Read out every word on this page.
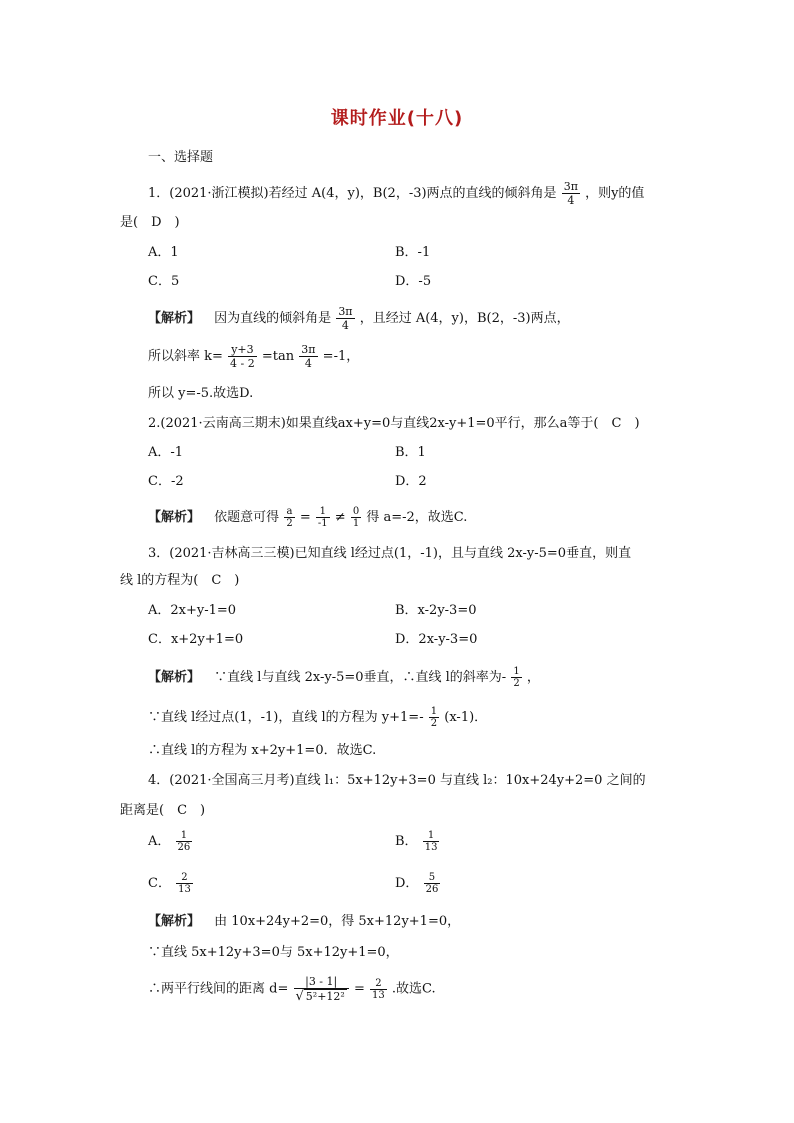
课时作业(十八)
一、选择题
1．(2021·浙江模拟)若经过 A(4，y)，B(2，-3)两点的直线的倾斜角是 $\frac{3\pi}{4}$ ，则y的值
是(　D　)
A．1	B．-1
C．5	D．-5
【解析】 因为直线的倾斜角是 $\frac{3\pi}{4}$ ，且经过 A(4，y)，B(2，-3)两点，
所以斜率 $k= \frac{y+3}{4 - 2} =\tan \frac{3\pi}{4} =-1$，
所以 y=-5.故选D.
2.(2021·云南高三期末)如果直线ax+y=0与直线2x-y+1=0平行，那么a等于(　C　)
A．-1	B．1
C．-2	D．2
【解析】 依题意可得 $\frac{a}{2} = \frac{1}{-1} \ne \frac{0}{1}$ 得 a=-2，故选C.
3．(2021·吉林高三三模)已知直线 l经过点(1，-1)，且与直线 2x-y-5=0垂直，则直
线 l的方程为(　C　)
A．2x+y-1=0	B．x-2y-3=0
C．x+2y+1=0	D．2x-y-3=0
【解析】 ∵直线 l与直线 2x-y-5=0垂直，∴直线 l的斜率为- $\frac{1}{2}$ ，
∵直线 l经过点(1，-1)，直线 l的方程为 $y+1=- \frac{1}{2} (x-1)$．
∴直线 l的方程为 x+2y+1=0．故选C.
4．(2021·全国高三月考)直线 l₁：5x+12y+3=0 与直线 l₂：10x+24y+2=0 之间的
距离是(　C　)
A． $\frac{1}{26}$	B． $\frac{1}{13}$
C． $\frac{2}{13}$	D． $\frac{5}{26}$
【解析】 由 10x+24y+2=0，得 5x+12y+1=0，
∵直线 5x+12y+3=0与 5x+12y+1=0，
∴两平行线间的距离 $d= \frac{|3 - 1|}{\text{√ 5²+12²}} = \frac{2}{13}$ .故选C.
